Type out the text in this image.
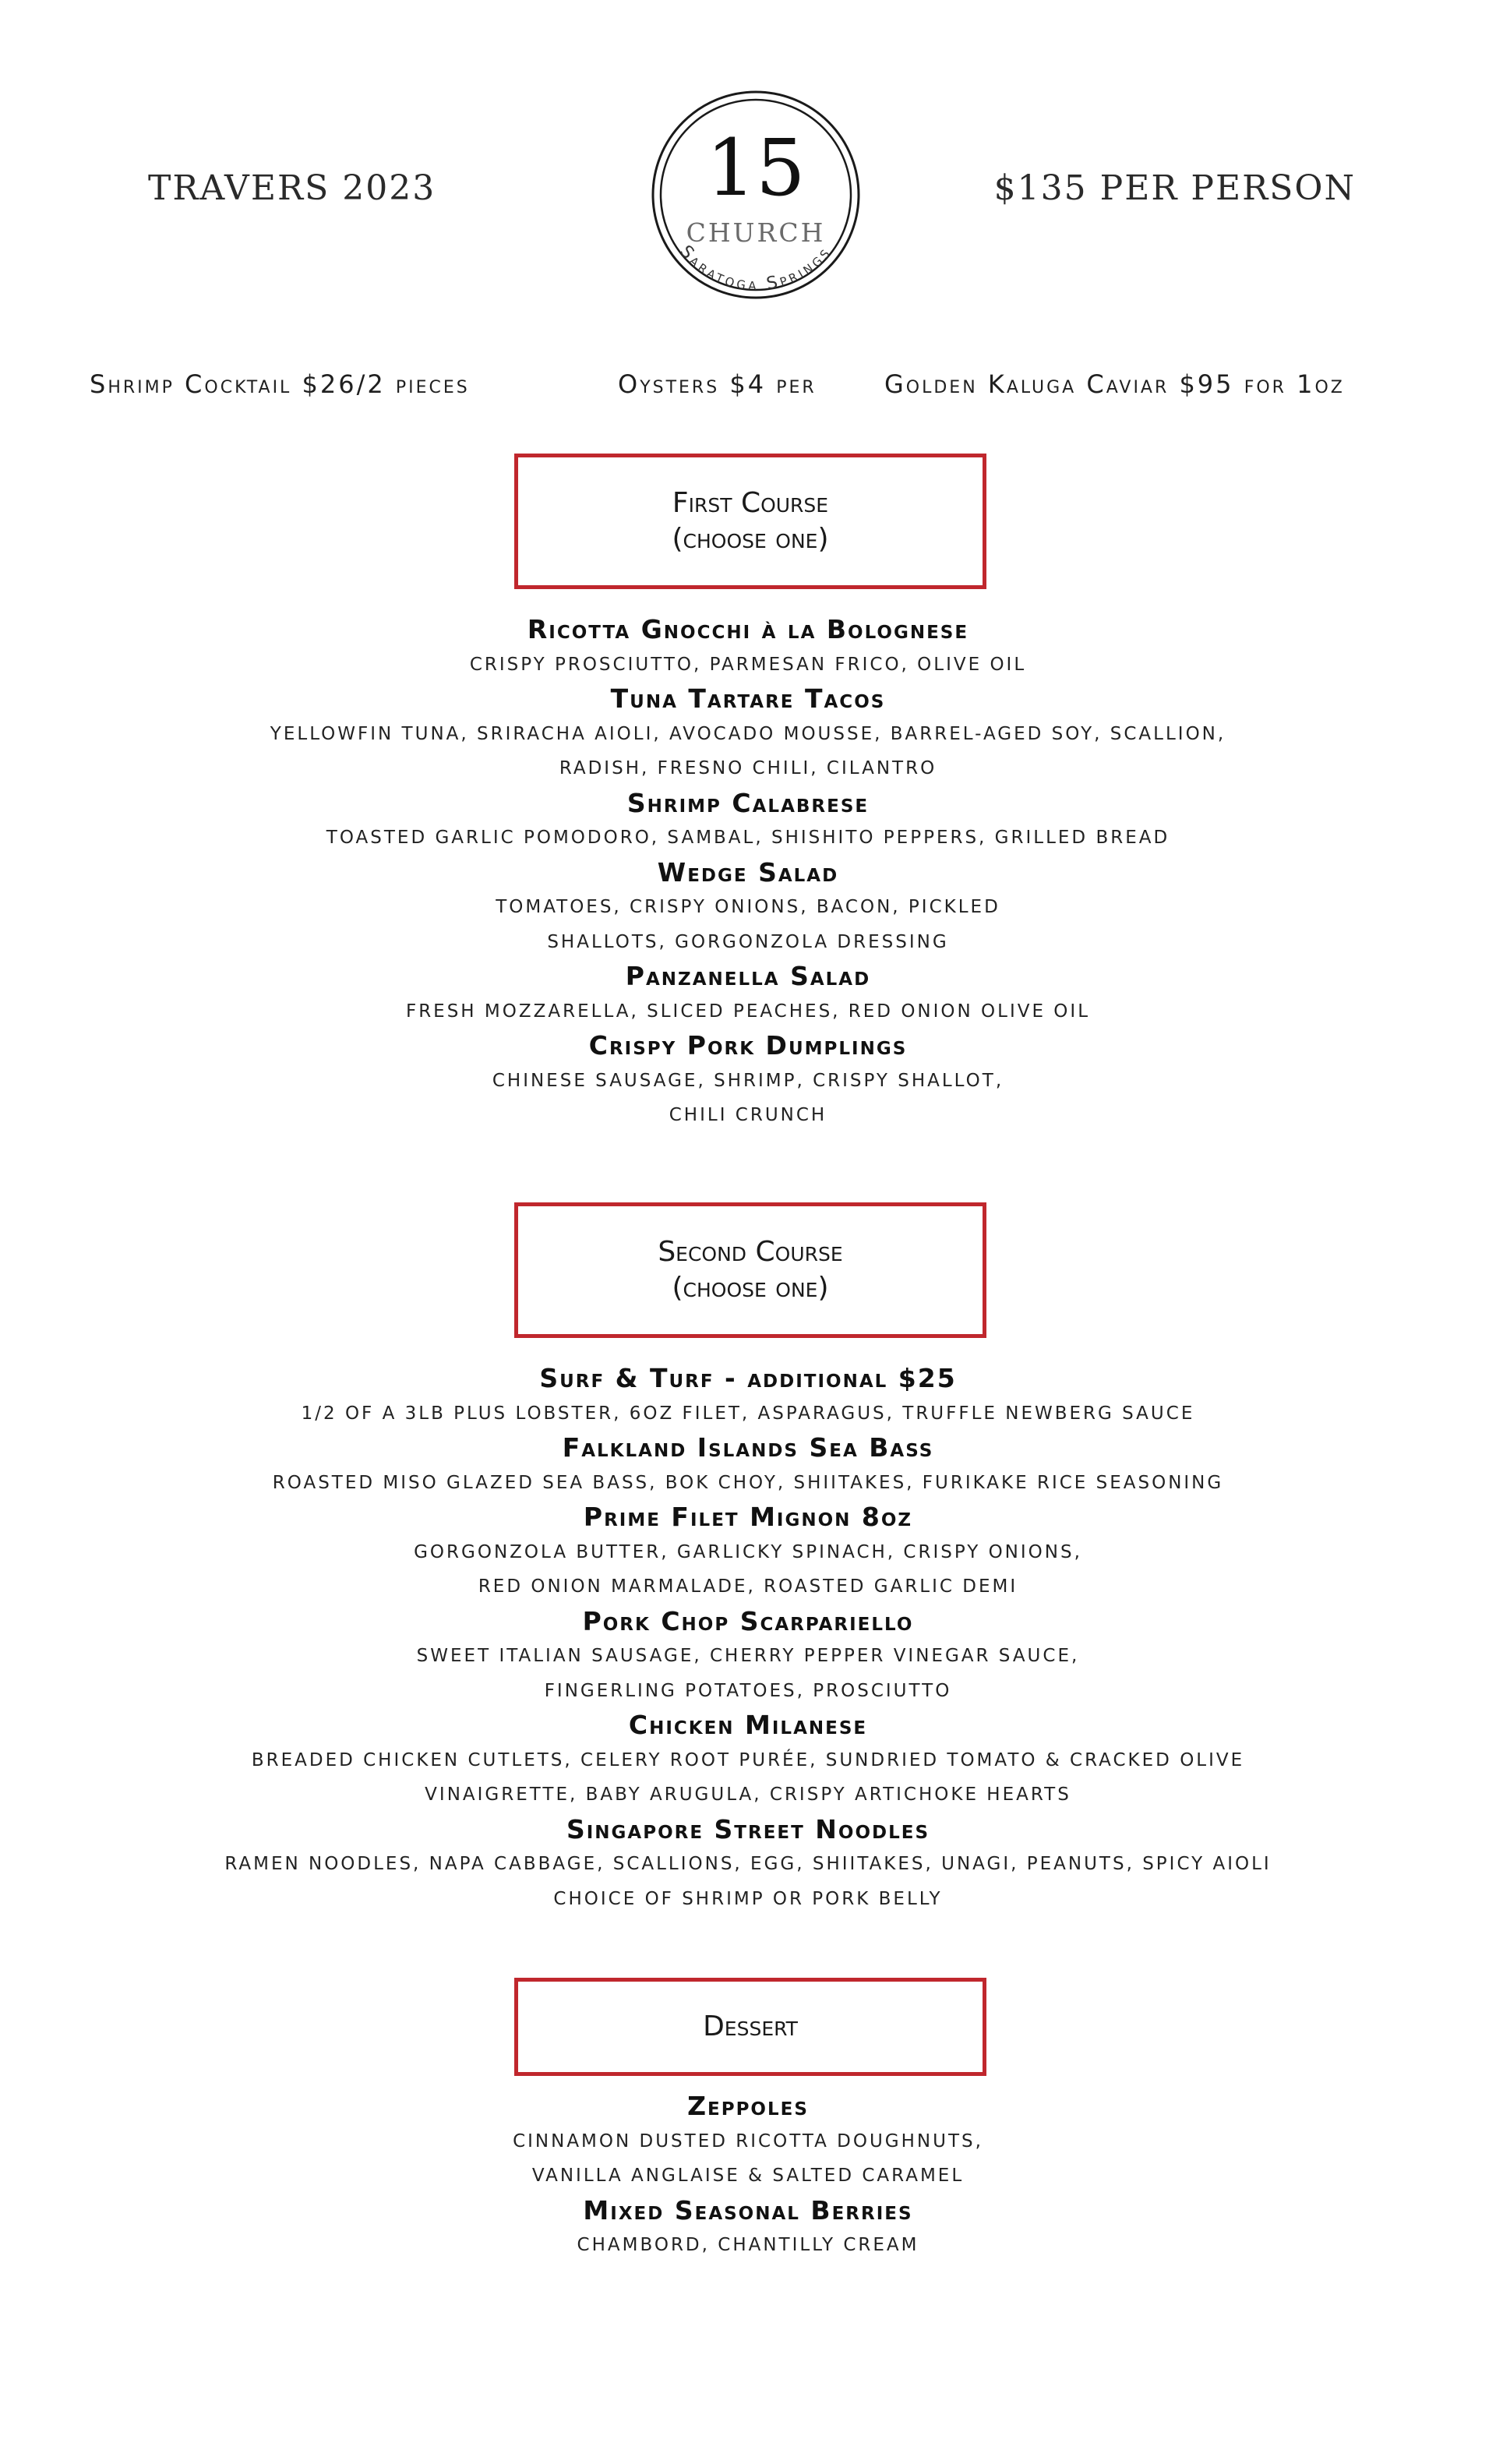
TRAVERS 2023	$135 PER PERSON
15
CHURCH
Saratoga Springs
Shrimp Cocktail $26/2 pieces	Oysters $4 per	Golden Kaluga Caviar $95 for 1oz
First Course
(choose one)
Ricotta Gnocchi à la Bolognese
CRISPY PROSCIUTTO, PARMESAN FRICO, OLIVE OIL
Tuna Tartare Tacos
YELLOWFIN TUNA, SRIRACHA AIOLI, AVOCADO MOUSSE, BARREL-AGED SOY, SCALLION,
RADISH, FRESNO CHILI, CILANTRO
Shrimp Calabrese
TOASTED GARLIC POMODORO, SAMBAL, SHISHITO PEPPERS, GRILLED BREAD
Wedge Salad
TOMATOES, CRISPY ONIONS, BACON, PICKLED
SHALLOTS, GORGONZOLA DRESSING
Panzanella Salad
FRESH MOZZARELLA, SLICED PEACHES, RED ONION OLIVE OIL
Crispy Pork Dumplings
CHINESE SAUSAGE, SHRIMP, CRISPY SHALLOT,
CHILI CRUNCH
Second Course
(choose one)
Surf & Turf - additional $25
1/2 OF A 3LB PLUS LOBSTER, 6OZ FILET, ASPARAGUS, TRUFFLE NEWBERG SAUCE
Falkland Islands Sea Bass
ROASTED MISO GLAZED SEA BASS, BOK CHOY, SHIITAKES, FURIKAKE RICE SEASONING
Prime Filet Mignon 8oz
GORGONZOLA BUTTER, GARLICKY SPINACH, CRISPY ONIONS,
RED ONION MARMALADE, ROASTED GARLIC DEMI
Pork Chop Scarpariello
SWEET ITALIAN SAUSAGE, CHERRY PEPPER VINEGAR SAUCE,
FINGERLING POTATOES, PROSCIUTTO
Chicken Milanese
BREADED CHICKEN CUTLETS, CELERY ROOT PURÉE, SUNDRIED TOMATO & CRACKED OLIVE
VINAIGRETTE, BABY ARUGULA, CRISPY ARTICHOKE HEARTS
Singapore Street Noodles
RAMEN NOODLES, NAPA CABBAGE, SCALLIONS, EGG, SHIITAKES, UNAGI, PEANUTS, SPICY AIOLI
CHOICE OF SHRIMP OR PORK BELLY
Dessert
Zeppoles
CINNAMON DUSTED RICOTTA DOUGHNUTS,
VANILLA ANGLAISE & SALTED CARAMEL
Mixed Seasonal Berries
CHAMBORD, CHANTILLY CREAM
